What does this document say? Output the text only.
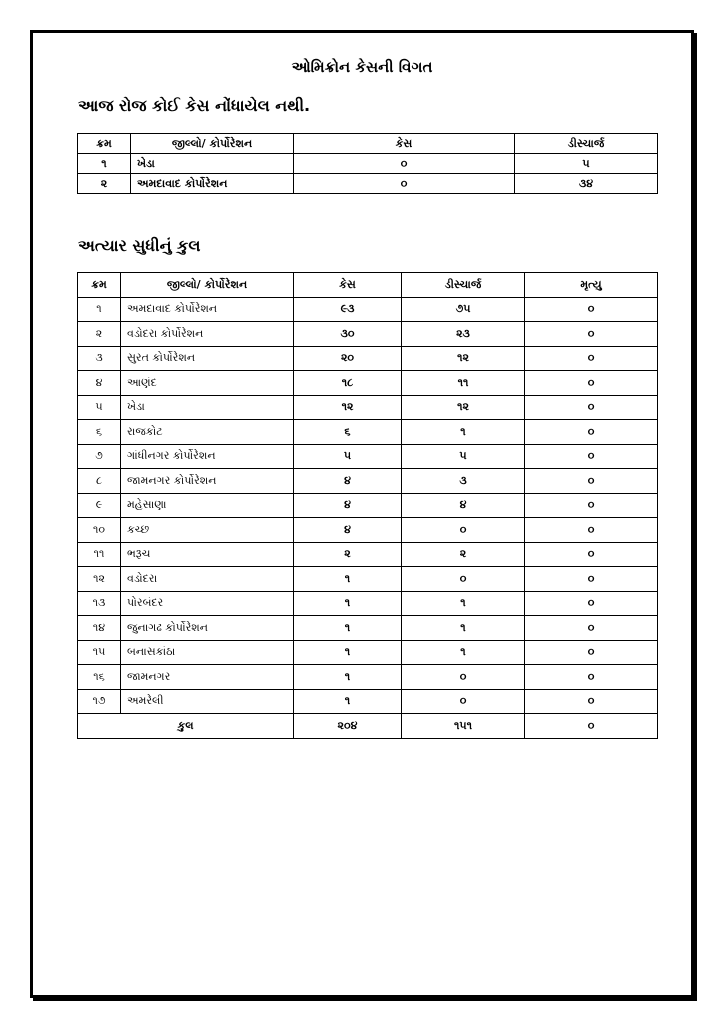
ઓમિક્રોન કેસની વિગત
આજ રોજ કોઈ કેસ નોંધાયેલ નથી.
ક્રમ	જીલ્લો/ કોર્પોરેશન	કેસ	ડીસ્ચાર્જ
૧	ખેડા	૦	૫
૨	અમદાવાદ કોર્પોરેશન	૦	૩૪
અત્યાર સુધીનું કુલ
ક્રમ	જીલ્લો/ કોર્પોરેશન	કેસ	ડીસ્ચાર્જ	મૃત્યુ
૧	અમદાવાદ કોર્પોરેશન	૯૩	૭૫	૦
૨	વડોદરા કોર્પોરેશન	૩૦	૨૩	૦
૩	સુરત કોર્પોરેશન	૨૦	૧૨	૦
૪	આણંદ	૧૮	૧૧	૦
૫	ખેડા	૧૨	૧૨	૦
૬	રાજકોટ	૬	૧	૦
૭	ગાંધીનગર કોર્પોરેશન	૫	૫	૦
૮	જામનગર કોર્પોરેશન	૪	૩	૦
૯	મહેસાણા	૪	૪	૦
૧૦	કચ્છ	૪	૦	૦
૧૧	ભરૂચ	૨	૨	૦
૧૨	વડોદરા	૧	૦	૦
૧૩	પોરબંદર	૧	૧	૦
૧૪	જુનાગઢ કોર્પોરેશન	૧	૧	૦
૧૫	બનાસકાંઠા	૧	૧	૦
૧૬	જામનગર	૧	૦	૦
૧૭	અમરેલી	૧	૦	૦
કુલ		૨૦૪	૧૫૧	૦
